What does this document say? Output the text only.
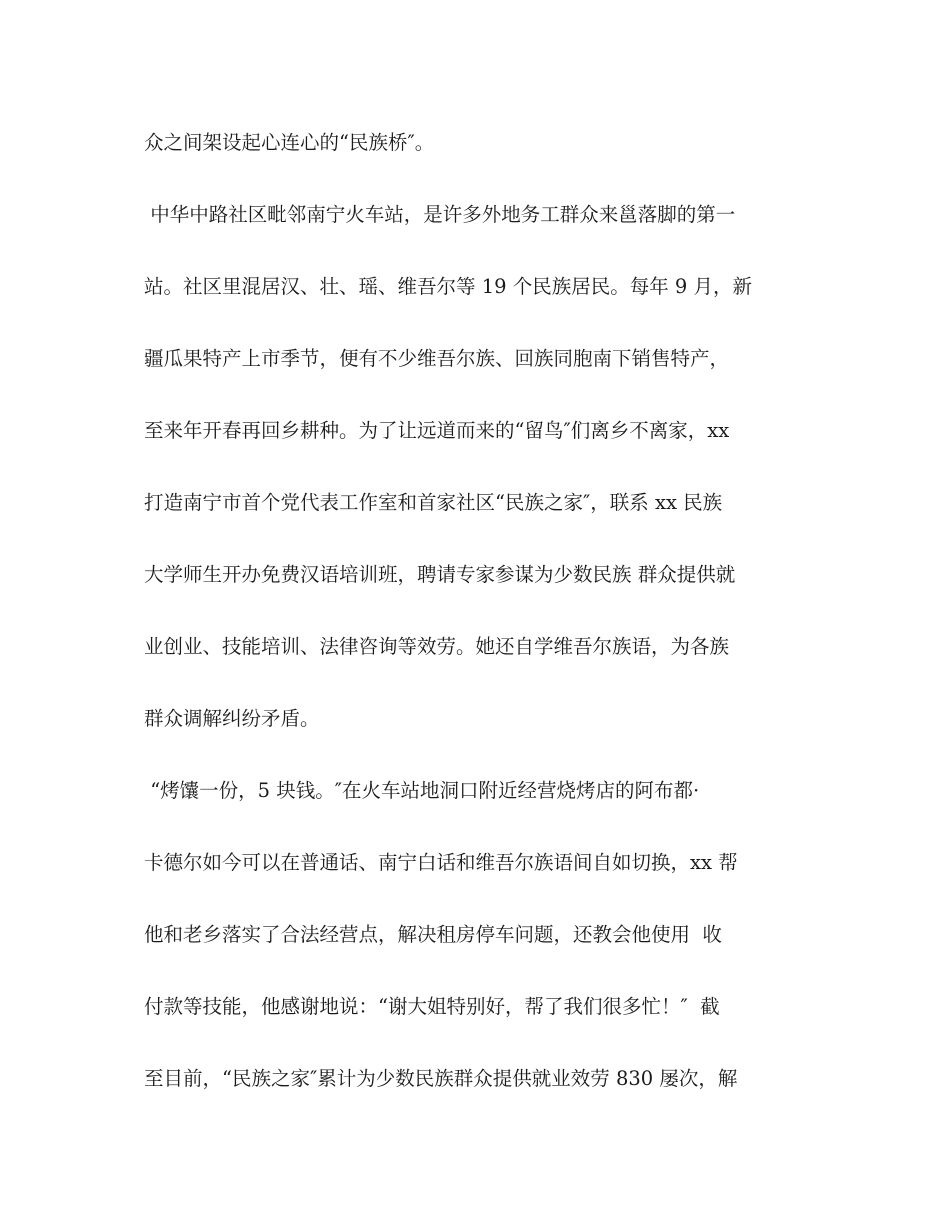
众之间架设起心连心的“民族桥″。
中华中路社区毗邻南宁火车站，是许多外地务工群众来邕落脚的第一
站。社区里混居汉、壮、瑶、维吾尔等 19 个民族居民。每年 9 月，新
疆瓜果特产上市季节，便有不少维吾尔族、回族同胞南下销售特产，
至来年开春再回乡耕种。为了让远道而来的“留鸟″们离乡不离家，xx
打造南宁市首个党代表工作室和首家社区“民族之家″，联系 xx 民族
大学师生开办免费汉语培训班，聘请专家参谋为少数民族 群众提供就
业创业、技能培训、法律咨询等效劳。她还自学维吾尔族语，为各族
群众调解纠纷矛盾。
“烤馕一份，5 块钱。″在火车站地洞口附近经营烧烤店的阿布都·
卡德尔如今可以在普通话、南宁白话和维吾尔族语间自如切换，xx 帮
他和老乡落实了合法经营点，解决租房停车问题，还教会他使用  收
付款等技能，他感谢地说：“谢大姐特别好，帮了我们很多忙！″  截
至目前，“民族之家″累计为少数民族群众提供就业效劳 830 屡次，解
